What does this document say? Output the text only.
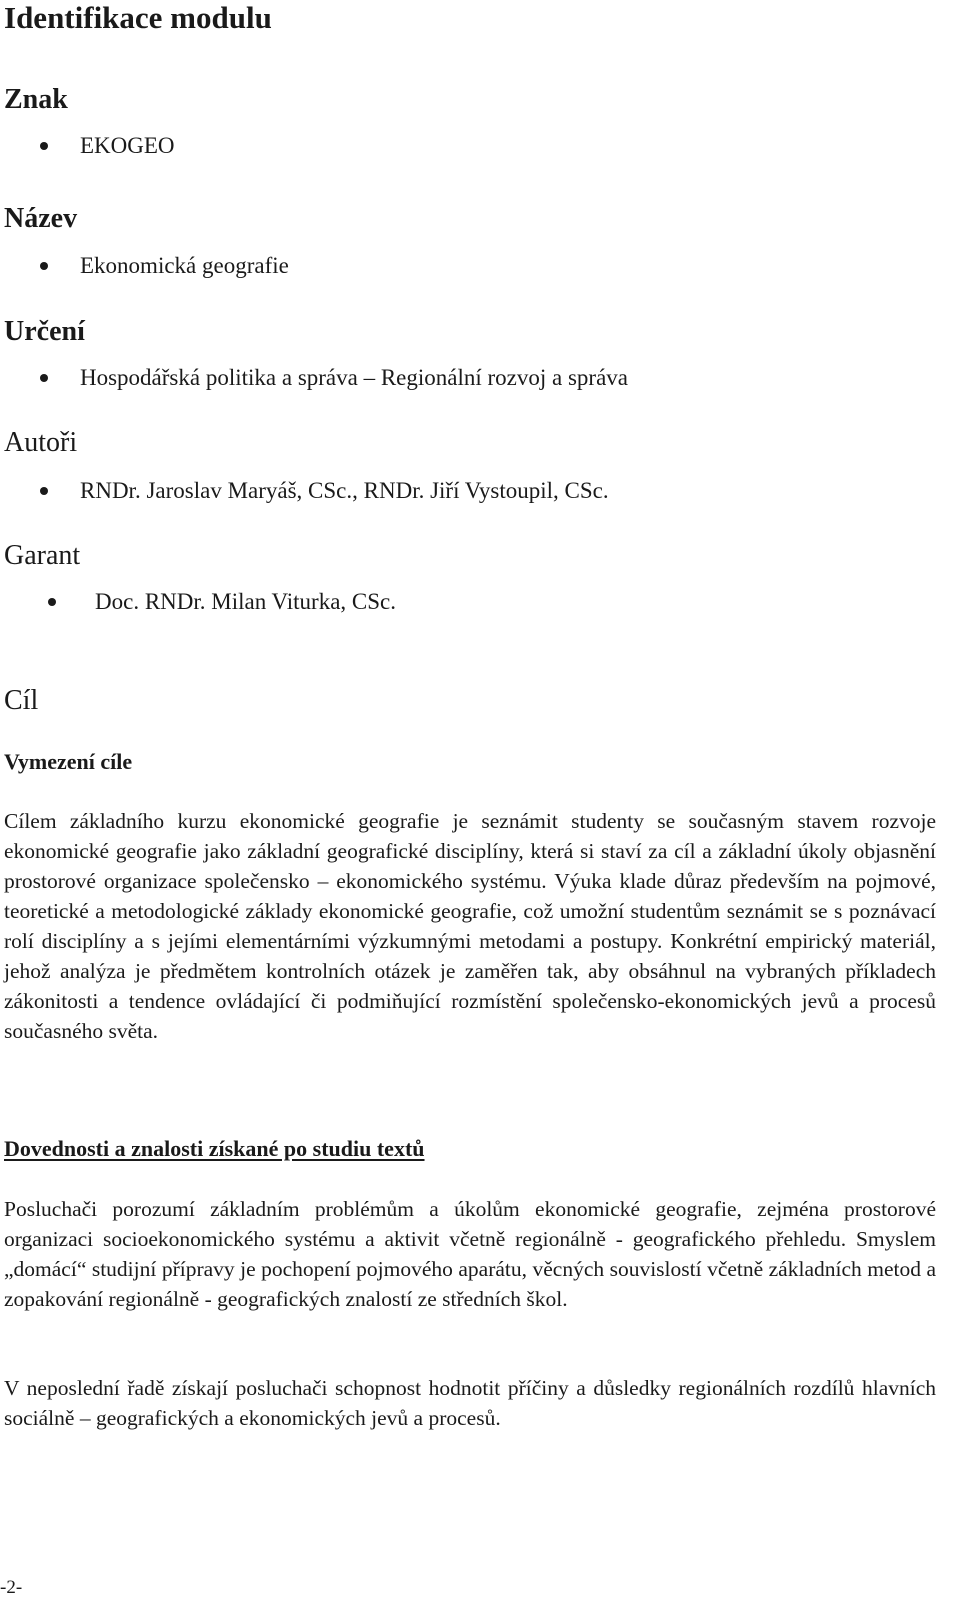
Identifikace modulu
Znak
EKOGEO
Název
Ekonomická geografie
Určení
Hospodářská politika a správa – Regionální rozvoj a správa
Autoři
RNDr. Jaroslav Maryáš, CSc., RNDr. Jiří Vystoupil, CSc.
Garant
Doc. RNDr. Milan Viturka, CSc.
Cíl
Vymezení cíle

Cílem základního kurzu ekonomické geografie je seznámit studenty se současným stavem rozvoje ekonomické geografie jako základní geografické disciplíny, která si staví za cíl a základní úkoly objasnění prostorové organizace společensko – ekonomického systému. Výuka klade důraz především na pojmové, teoretické a metodologické základy ekonomické geografie, což umožní studentům seznámit se s poznávací rolí disciplíny a s jejími elementárními výzkumnými metodami a postupy. Konkrétní empirický materiál, jehož analýza je předmětem kontrolních otázek je zaměřen tak, aby obsáhnul na vybraných příkladech zákonitosti a tendence ovládající či podmiňující rozmístění společensko-ekonomických jevů a procesů současného světa.

Dovednosti a znalosti získané po studiu textů

Posluchači porozumí základním problémům a úkolům ekonomické geografie, zejména prostorové organizaci socioekonomického systému a aktivit včetně regionálně - geografického přehledu. Smyslem „domácí“ studijní přípravy je pochopení pojmového aparátu, věcných souvislostí včetně základních metod a zopakování regionálně - geografických znalostí ze středních škol.

V neposlední řadě získají posluchači schopnost hodnotit příčiny a důsledky regionálních rozdílů hlavních sociálně – geografických a ekonomických jevů a procesů.

-2-
